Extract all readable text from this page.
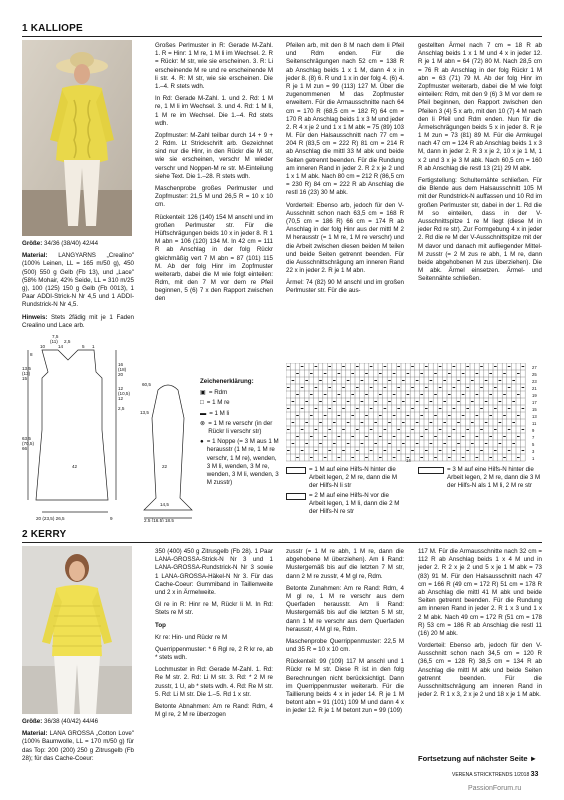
1 KALLIOPE

Größe: 34/36 (38/40) 42/44

Material: LANGYARNS „Crealino" (100% Leinen, LL = 165 m/50 g), 450 (500) 550 g Gelb (Fb 13), und „Lace" (58% Mohair, 42% Seide, LL = 310 m/25 g), 100 (125) 150 g Gelb (Fb 0013), 1 Paar ADDI-Strick-N Nr 4,5 und 1 ADDI-Rundstrick-N Nr 4,5.

Hinweis: Stets 2fädig mit je 1 Faden Crealino und Lace arb.

7,5
(11) 2,5
10	14	5 1
8
13,5
(13)
15
16
(18)
20
12
(10,5)
12
2,5
63,5
(70,5)
66
42
20 (23,5) 26,5	9
60,5
13,5
22
14,5
2,5 (16,5) 18,5

Großes Perlmuster in R: Gerade M-Zahl. 1. R = Hinr: 1 M re, 1 M li im Wechsel. 2. R = Rückr: M str, wie sie erscheinen. 3. R: Li erscheinende M re und re erscheinende M li str. 4. R: M str, wie sie erscheinen. Die 1.–4. R stets wdh.

In Rd: Gerade M-Zahl. 1. und 2. Rd: 1 M re, 1 M li im Wechsel. 3. und 4. Rd: 1 M li, 1 M re im Wechsel. Die 1.–4. Rd stets wdh.

Zopfmuster: M-Zahl teilbar durch 14 + 9 + 2 Rdm. Lt Strickschrift arb. Gezeichnet sind nur die Hinr, in den Rückr die M str, wie sie erscheinen, verschr M wieder verschr und Noppen-M re str. M-Einteilung siehe Text. Die 1.–28. R stets wdh.

Maschenprobe großes Perlmuster und Zopfmuster: 21,5 M und 26,5 R = 10 x 10 cm.

Rückenteil: 126 (140) 154 M anschl und im großen Perlmuster str. Für die Hüftschrägungen beids 10 x in jeder 8. R 1 M abn = 106 (120) 134 M. In 42 cm = 111 R ab Anschlag in der folg Rückr gleichmäßig vert 7 M abn = 87 (101) 115 M. Ab der folg Hinr im Zopfmuster weiterarb, dabei die M wie folgt einteilen: Rdm, mit den 7 M vor dem re Pfeil beginnen, 5 (6) 7 x den Rapport zwischen den

Zeichenerklärung:
▣ = Rdm
□ = 1 M re
▬ = 1 M li
⊗ = 1 M re verschr (in der Rückr li verschr str)
● = 1 Noppe (= 3 M aus 1 M herausstr (1 M re, 1 M re verschr, 1 M re), wenden, 3 M li, wenden, 3 M re, wenden, 3 M li, wenden, 3 M zusstr)

Pfeilen arb, mit den 8 M nach dem li Pfeil und Rdm enden. Für die Seitenschrägungen nach 52 cm = 138 R ab Anschlag beids 1 x 1 M, dann 4 x in jeder 8. (8) 6. R und 1 x in der folg 4. (6) 4. R je 1 M zun = 99 (113) 127 M. Über die zugenommenen M das Zopfmuster erweitern. Für die Armausschnitte nach 64 cm = 170 R (68,5 cm = 182 R) 64 cm = 170 R ab Anschlag beids 1 x 3 M und jeder 2. R 4 x je 2 und 1 x 1 M abk = 75 (89) 103 M. Für den Halsausschnitt nach 77 cm = 204 R (83,5 cm = 222 R) 81 cm = 214 R ab Anschlag die mittl 33 M abk und beide Seiten getrennt beenden. Für die Rundung am inneren Rand in jeder 2. R 2 x je 2 und 1 x 1 M abk. Nach 80 cm = 212 R (86,5 cm = 230 R) 84 cm = 222 R ab Anschlag die restl 16 (23) 30 M abk.

Vorderteil: Ebenso arb, jedoch für den V-Ausschnitt schon nach 63,5 cm = 168 R (70,5 cm = 186 R) 66 cm = 174 R ab Anschlag in der folg Hinr aus der mittl M 2 M herausstr (= 1 M re, 1 M re verschr) und die Arbeit zwischen diesen beiden M teilen und beide Seiten getrennt beenden. Für die Ausschnittschrägung am inneren Rand 22 x in jeder 2. R je 1 M abn.

Ärmel: 74 (82) 90 M anschl und im großen Perlmuster str. Für die aus-

gestellten Ärmel nach 7 cm = 18 R ab Anschlag beids 1 x 1 M und 4 x in jeder 12. R je 1 M abn = 64 (72) 80 M. Nach 28,5 cm = 76 R ab Anschlag in der folg Rückr 1 M abn = 63 (71) 79 M. Ab der folg Hinr im Zopfmuster weiterarb, dabei die M wie folgt einteilen: Rdm, mit den 9 (6) 3 M vor dem re Pfeil beginnen, den Rapport zwischen den Pfeilen 3 (4) 5 x arb, mit den 10 (7) 4 M nach den li Pfeil und Rdm enden. Nun für die Ärmelschrägungen beids 5 x in jeder 8. R je 1 M zun = 73 (81) 89 M. Für die Armkugel nach 47 cm = 124 R ab Anschlag beids 1 x 3 M, dann in jeder 2. R 3 x je 2, 10 x je 1 M, 1 x 2 und 3 x je 3 M abk. Nach 60,5 cm = 160 R ab Anschlag die restl 13 (21) 29 M abk.

Fertigstellung: Schulternähte schließen. Für die Blende aus dem Halsausschnitt 105 M mit der Rundstrick-N auffassen und 10 Rd im großen Perlmuster str, dabei in der 1. Rd die M so einteilen, dass in der V-Ausschnittspitze 1 re M liegt (diese M in jeder Rd re str). Zur Formgebung 4 x in jeder 2. Rd die re M der V-Ausschnittspitze mit der M davor und danach mit aufliegender Mittel-M zusstr (= 2 M zus re abh, 1 M re, dann beide abgehobenen M zus überziehen). Die M abk. Ärmel einsetzen. Ärmel- und Seitennähte schließen.

27
25
23
21
19
17
15
13
11
9
7
5
3
1
14
= 1 M auf eine Hilfs-N hinter die Arbeit legen, 2 M re, dann die M der Hilfs-N li str
= 2 M auf eine Hilfs-N vor die Arbeit legen, 1 M li, dann die 2 M der Hilfs-N re str
= 3 M auf eine Hilfs-N hinter die Arbeit legen, 2 M re, dann die 3 M der Hilfs-N als 1 M li, 2 M re str
2 KERRY

Größe: 36/38 (40/42) 44/46

Material: LANA GROSSA „Cotton Love" (100% Baumwolle, LL = 170 m/50 g) für das Top: 200 (200) 250 g Zitrusgelb (Fb 28); für das Cache-Coeur:

350 (400) 450 g Zitrusgelb (Fb 28). 1 Paar LANA-GROSSA-Strick-N Nr 3 und 1 LANA-GROSSA-Rundstrick-N Nr 3 sowie 1 LANA-GROSSA-Häkel-N Nr 3. Für das Cache-Coeur: Gummiband in Taillenweite und 2 x in Ärmelweite.

Gl re in R: Hinr re M, Rückr li M. In Rd: Stets re M str.

Top

Kr re: Hin- und Rückr re M

Querrippenmuster: * 6 Rgl re, 2 R kr re, ab * stets wdh.

Lochmuster in Rd: Gerade M-Zahl. 1. Rd: Re M str. 2. Rd: Li M str. 3. Rd: * 2 M re zusstr, 1 U, ab * stets wdh. 4. Rd: Re M str. 5. Rd: Li M str. Die 1.–5. Rd 1 x str.

Betonte Abnahmen: Am re Rand: Rdm, 4 M gl re, 2 M re überzogen

zusstr (= 1 M re abh, 1 M re, dann die abgehobene M überziehen). Am li Rand: Mustergemäß bis auf die letzten 7 M str, dann 2 M re zusstr, 4 M gl re, Rdm.

Betonte Zunahmen: Am re Rand: Rdm, 4 M gl re, 1 M re verschr aus dem Querfaden herausstr. Am li Rand: Mustergemäß bis auf die letzten 5 M str, dann 1 M re verschr aus dem Querfaden herausstr, 4 M gl re, Rdm.

Maschenprobe Querrippenmuster: 22,5 M und 35 R = 10 x 10 cm.

Rückenteil: 99 (109) 117 M anschl und 1 Rückr re M str. Diese R ist in den folg Berechnungen nicht berücksichtigt. Dann im Querrippenmuster weiterarb. Für die Taillierung beids 4 x in jeder 14. R je 1 M betont abn = 91 (101) 109 M und dann 4 x in jeder 12. R je 1 M betont zun = 99 (109)

117 M. Für die Armausschnitte nach 32 cm = 112 R ab Anschlag beids 1 x 4 M und in jeder 2. R 2 x je 2 und 5 x je 1 M abk = 73 (83) 91 M. Für den Halsausschnitt nach 47 cm = 166 R (49 cm = 172 R) 51 cm = 178 R ab Anschlag die mittl 41 M abk und beide Seiten getrennt beenden. Für die Rundung am inneren Rand in jeder 2. R 1 x 3 und 1 x 2 M abk. Nach 49 cm = 172 R (51 cm = 178 R) 53 cm = 186 R ab Anschlag die restl 11 (16) 20 M abk.

Vorderteil: Ebenso arb, jedoch für den V-Ausschnitt schon nach 34,5 cm = 120 R (36,5 cm = 128 R) 38,5 cm = 134 R ab Anschlag die mittl M abk und beide Seiten getrennt beenden. Für die Ausschnittschrägung am inneren Rand in jeder 2. R 1 x 3, 2 x je 2 und 18 x je 1 M abk.

Fortsetzung auf nächster Seite ►
VERENA STRICKTRENDS 1/2018 33
PassionForum.ru
